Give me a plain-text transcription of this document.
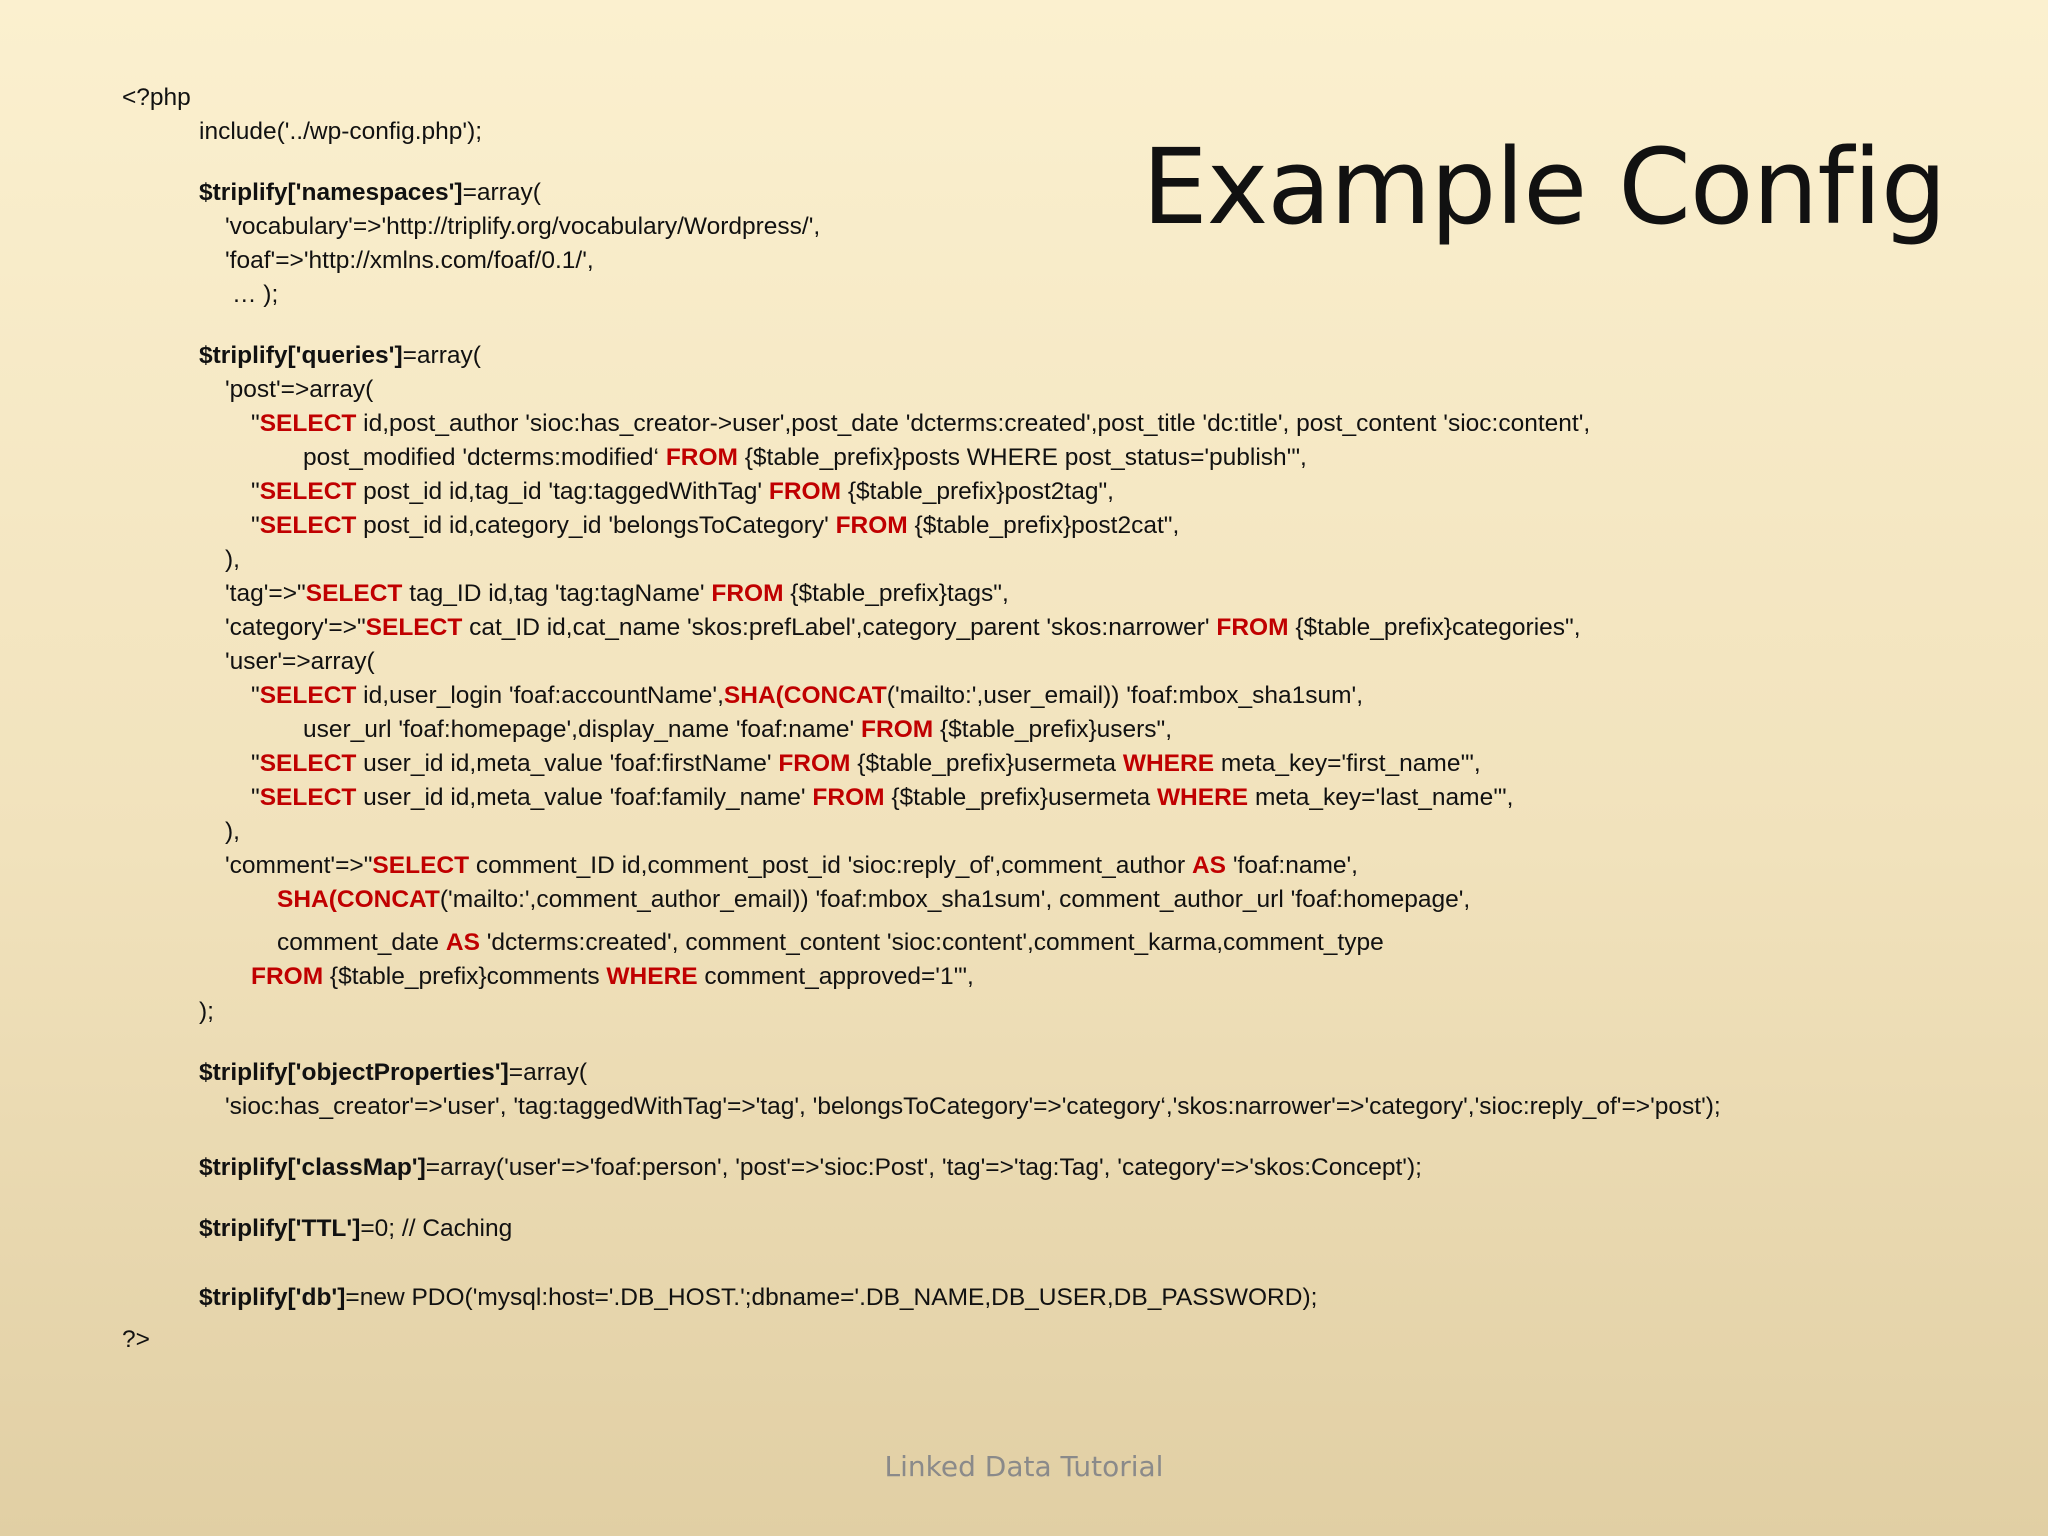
Example Config
<?php
include('../wp-config.php');
$triplify['namespaces']=array(
'vocabulary'=>'http://triplify.org/vocabulary/Wordpress/',
'foaf'=>'http://xmlns.com/foaf/0.1/',
… );
$triplify['queries']=array(
'post'=>array(
"SELECT id,post_author 'sioc:has_creator->user',post_date 'dcterms:created',post_title 'dc:title', post_content 'sioc:content',
post_modified 'dcterms:modified‘ FROM {$table_prefix}posts WHERE post_status='publish'",
"SELECT post_id id,tag_id 'tag:taggedWithTag' FROM {$table_prefix}post2tag",
"SELECT post_id id,category_id 'belongsToCategory' FROM {$table_prefix}post2cat",
),
'tag'=>"SELECT tag_ID id,tag 'tag:tagName' FROM {$table_prefix}tags",
'category'=>"SELECT cat_ID id,cat_name 'skos:prefLabel',category_parent 'skos:narrower' FROM {$table_prefix}categories",
'user'=>array(
"SELECT id,user_login 'foaf:accountName',SHA(CONCAT('mailto:',user_email)) 'foaf:mbox_sha1sum',
user_url 'foaf:homepage',display_name 'foaf:name' FROM {$table_prefix}users",
"SELECT user_id id,meta_value 'foaf:firstName' FROM {$table_prefix}usermeta WHERE meta_key='first_name'",
"SELECT user_id id,meta_value 'foaf:family_name' FROM {$table_prefix}usermeta WHERE meta_key='last_name'",
),
'comment'=>"SELECT comment_ID id,comment_post_id 'sioc:reply_of',comment_author AS 'foaf:name',
SHA(CONCAT('mailto:',comment_author_email)) 'foaf:mbox_sha1sum', comment_author_url 'foaf:homepage',
comment_date AS 'dcterms:created', comment_content 'sioc:content',comment_karma,comment_type
FROM {$table_prefix}comments WHERE comment_approved='1'",
);
$triplify['objectProperties']=array(
'sioc:has_creator'=>'user', 'tag:taggedWithTag'=>'tag', 'belongsToCategory'=>'category‘,'skos:narrower'=>'category','sioc:reply_of'=>'post');
$triplify['classMap']=array('user'=>'foaf:person', 'post'=>'sioc:Post', 'tag'=>'tag:Tag', 'category'=>'skos:Concept');
$triplify['TTL']=0; // Caching
$triplify['db']=new PDO('mysql:host='.DB_HOST.';dbname='.DB_NAME,DB_USER,DB_PASSWORD);
?>
Linked Data Tutorial
